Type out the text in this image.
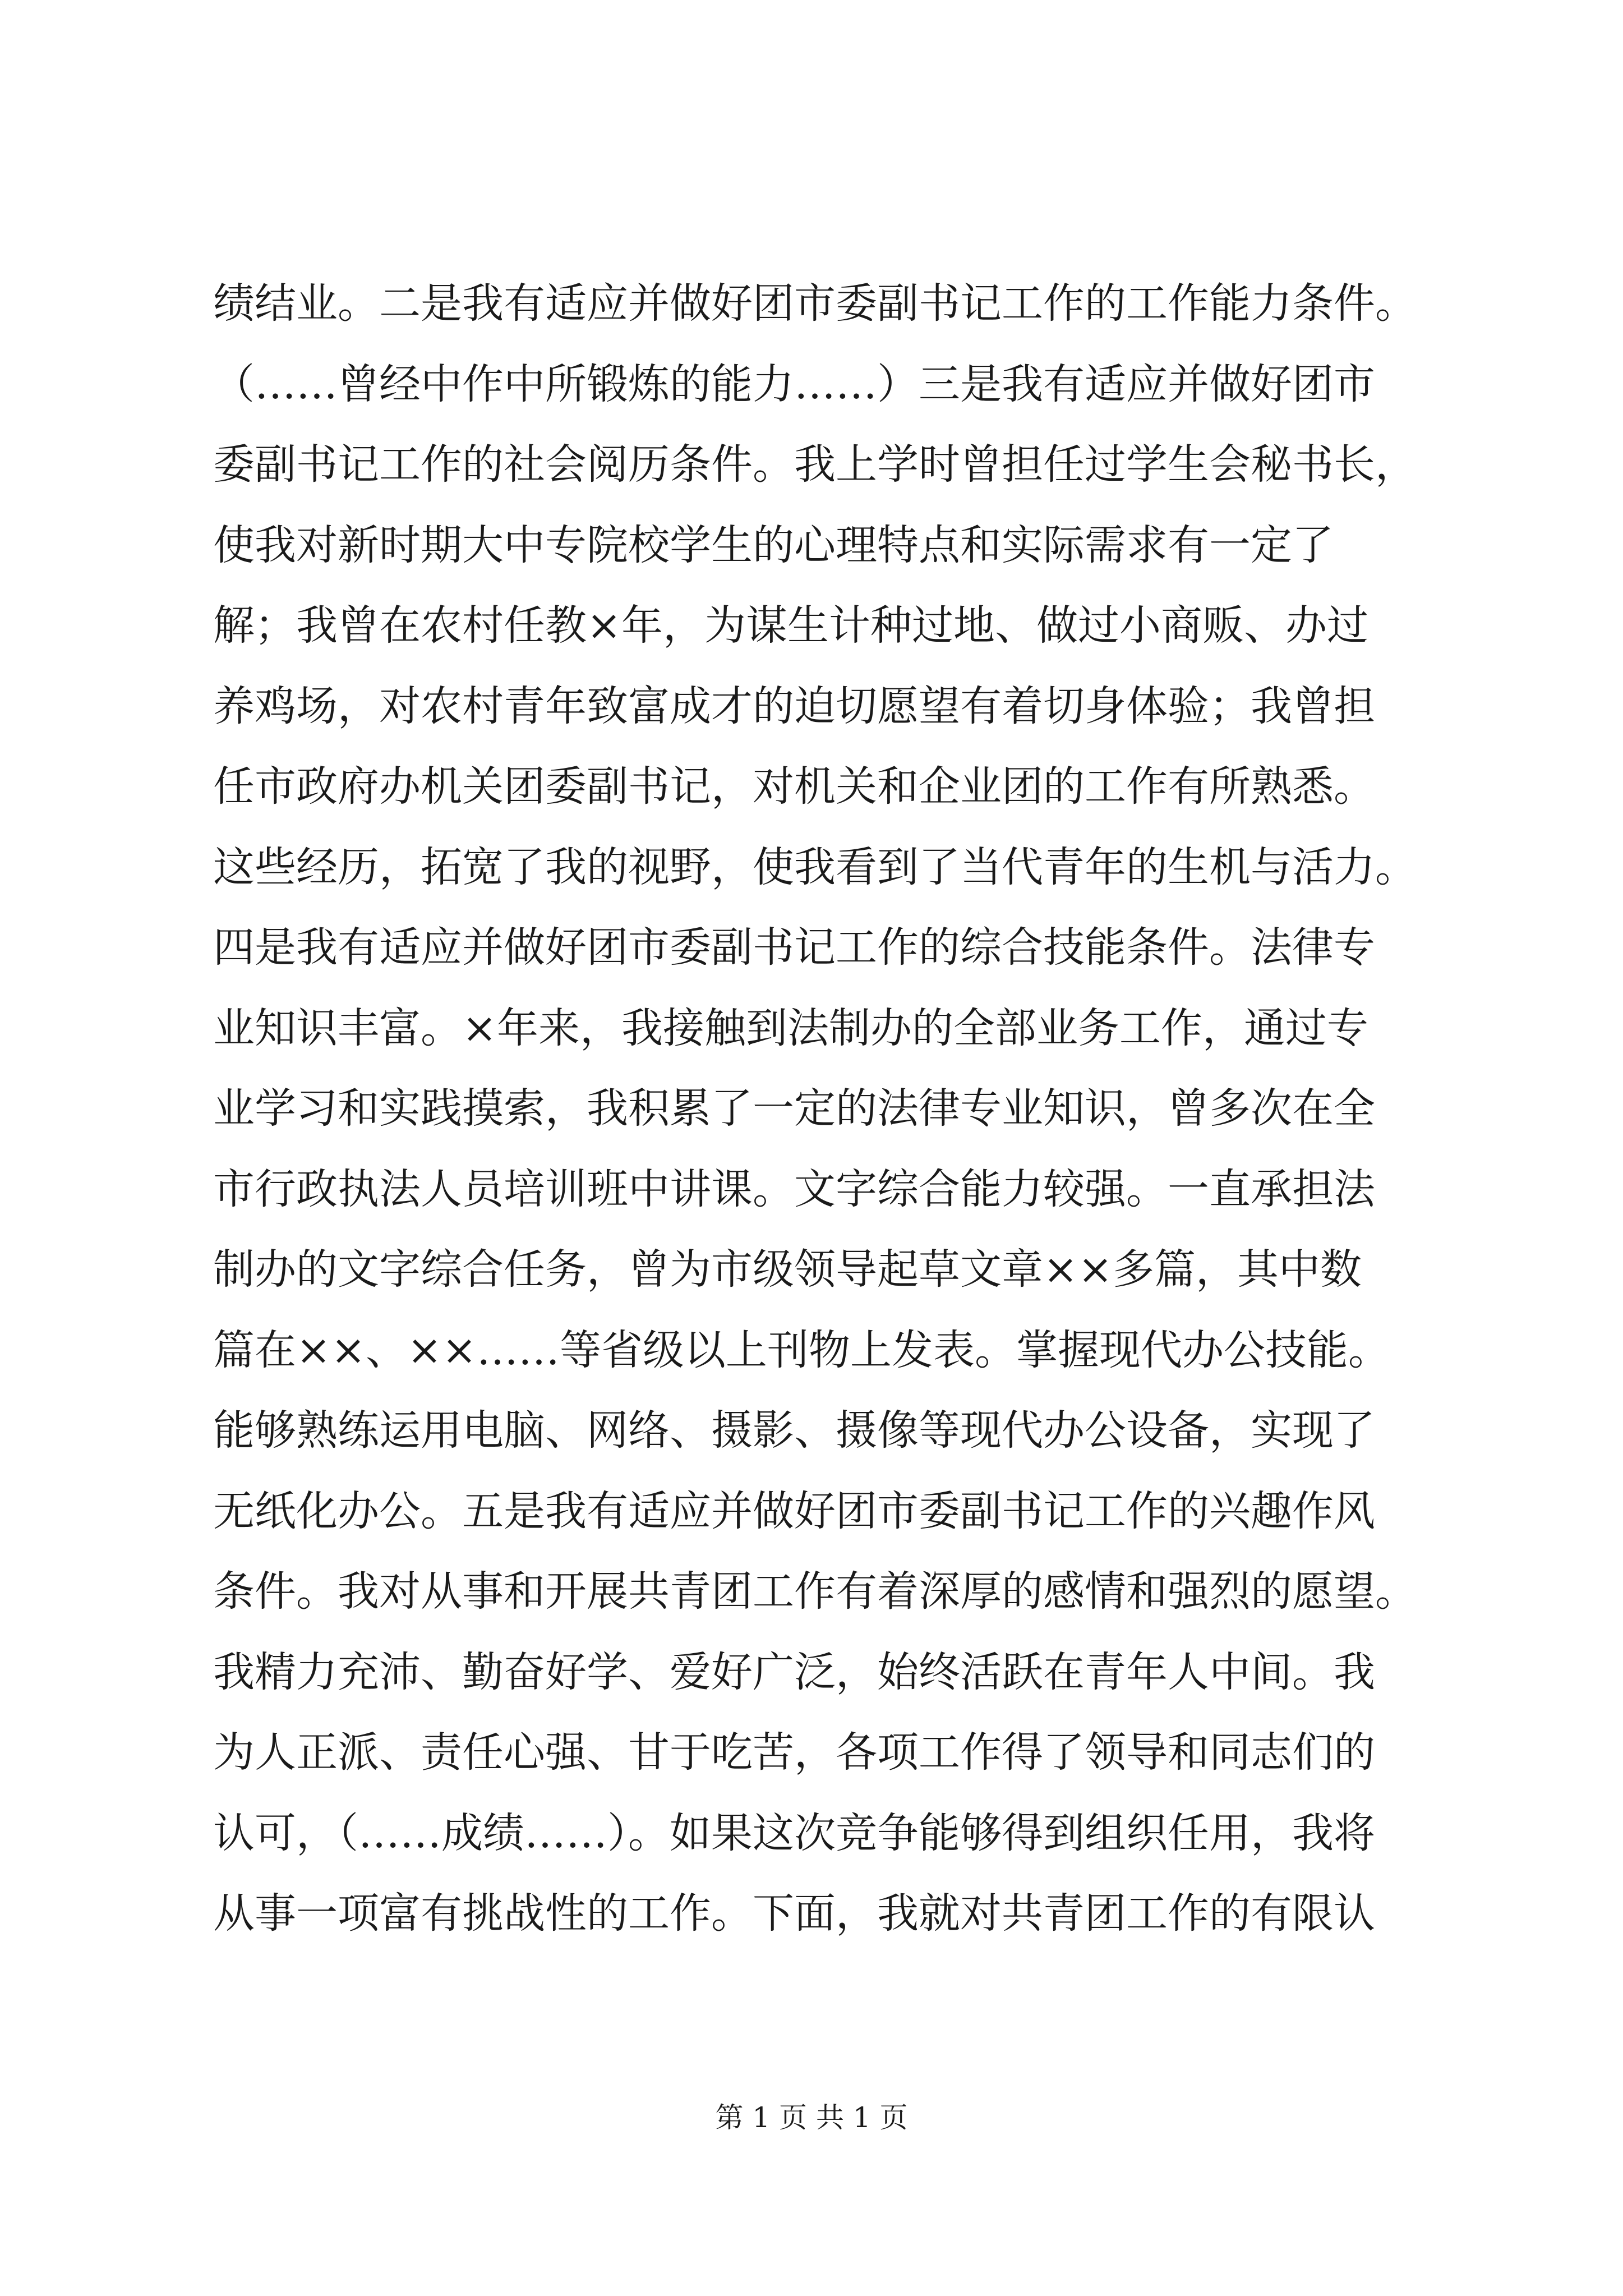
绩结业。二是我有适应并做好团市委副书记工作的工作能力条件。
（……曾经中作中所锻炼的能力……）三是我有适应并做好团市
委副书记工作的社会阅历条件。我上学时曾担任过学生会秘书长，
使我对新时期大中专院校学生的心理特点和实际需求有一定了
解；我曾在农村任教×年，为谋生计种过地、做过小商贩、办过
养鸡场，对农村青年致富成才的迫切愿望有着切身体验；我曾担
任市政府办机关团委副书记，对机关和企业团的工作有所熟悉。
这些经历，拓宽了我的视野，使我看到了当代青年的生机与活力。
四是我有适应并做好团市委副书记工作的综合技能条件。法律专
业知识丰富。×年来，我接触到法制办的全部业务工作，通过专
业学习和实践摸索，我积累了一定的法律专业知识，曾多次在全
市行政执法人员培训班中讲课。文字综合能力较强。一直承担法
制办的文字综合任务，曾为市级领导起草文章××多篇，其中数
篇在××、××……等省级以上刊物上发表。掌握现代办公技能。
能够熟练运用电脑、网络、摄影、摄像等现代办公设备，实现了
无纸化办公。五是我有适应并做好团市委副书记工作的兴趣作风
条件。我对从事和开展共青团工作有着深厚的感情和强烈的愿望。
我精力充沛、勤奋好学、爱好广泛，始终活跃在青年人中间。我
为人正派、责任心强、甘于吃苦，各项工作得了领导和同志们的
认可，（……成绩……）。如果这次竞争能够得到组织任用，我将
从事一项富有挑战性的工作。下面，我就对共青团工作的有限认
第 1 页 共 1 页
